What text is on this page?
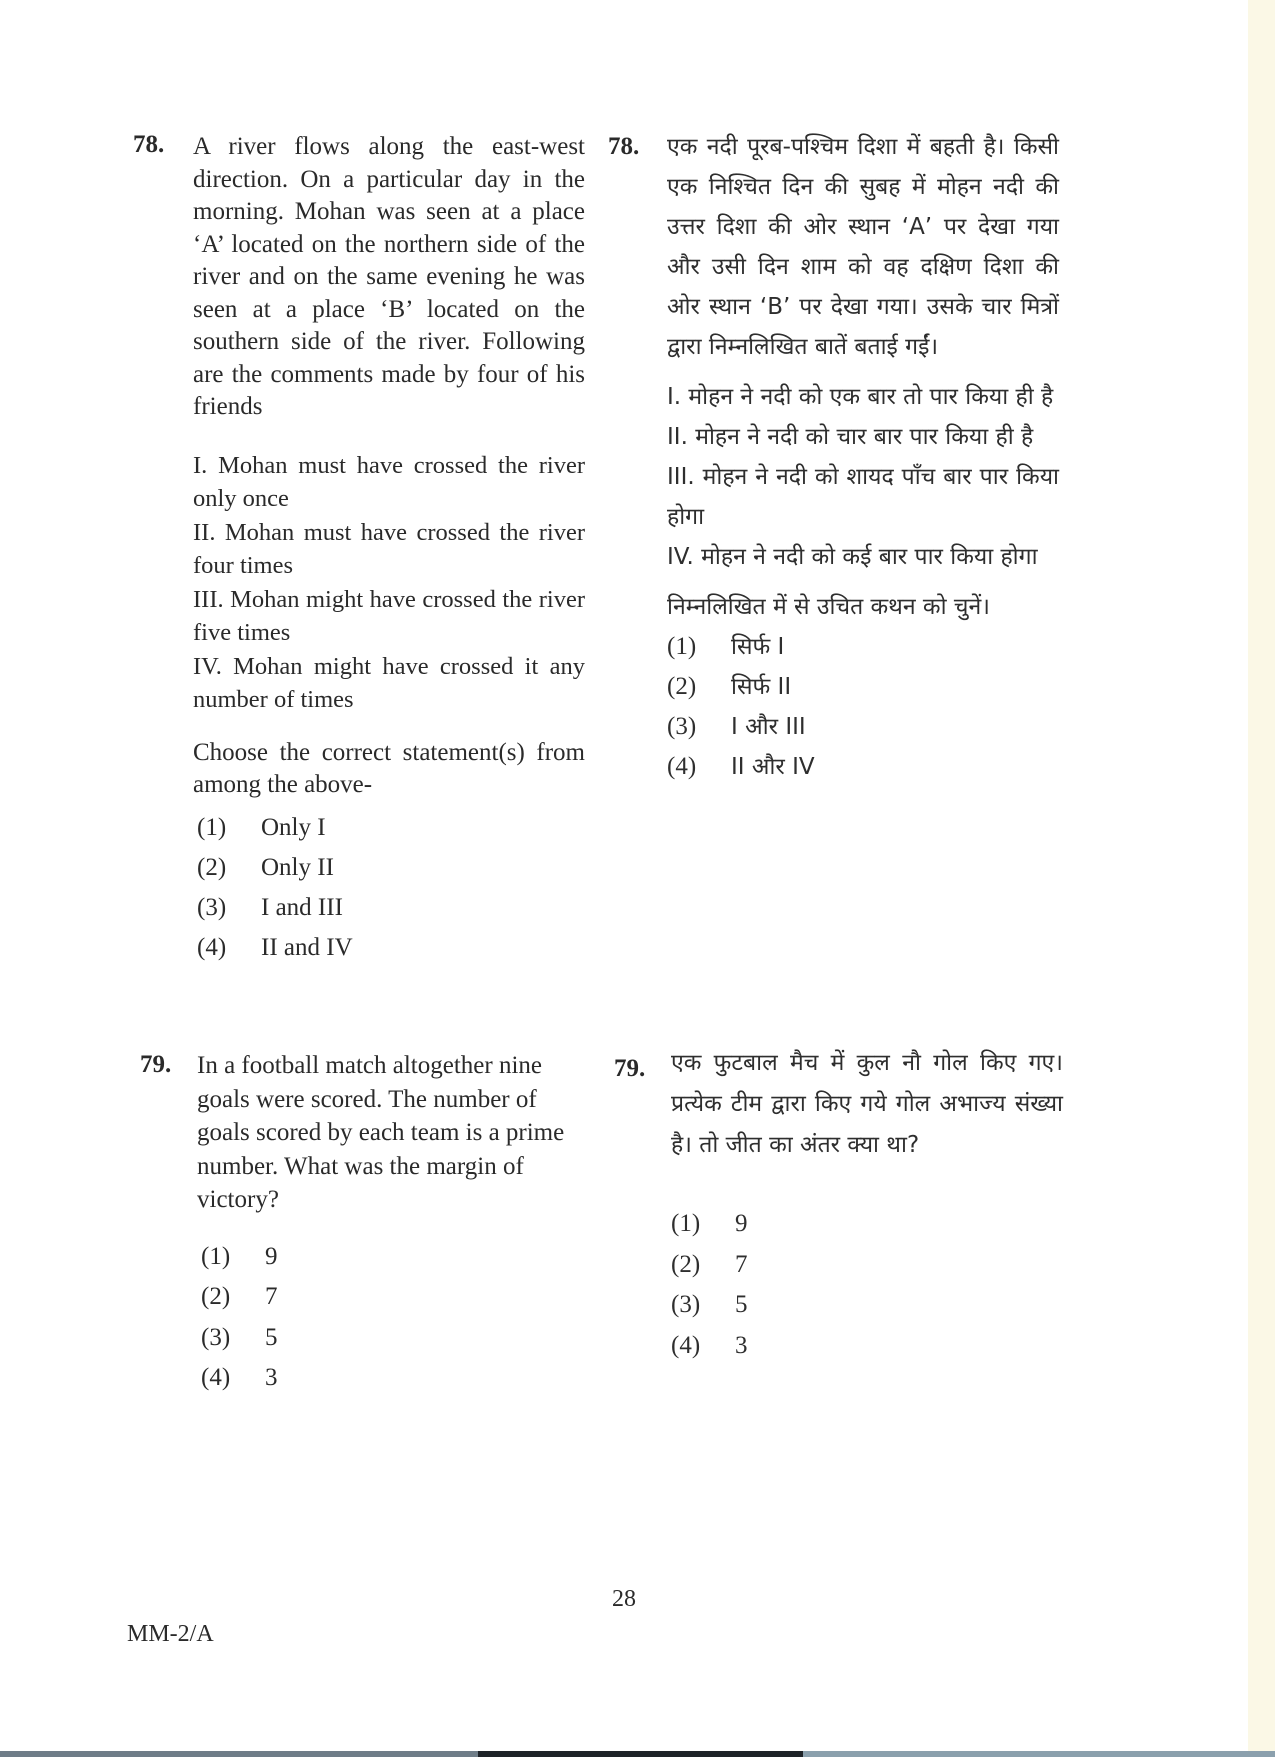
78. A river flows along the east-west direction. On a particular day in the morning. Mohan was seen at a place ‘A’ located on the northern side of the river and on the same evening he was seen at a place ‘B’ located on the southern side of the river. Following are the comments made by four of his friends

I. Mohan must have crossed the river only once

II. Mohan must have crossed the river four times

III. Mohan might have crossed the river five times

IV. Mohan might have crossed it any number of times

Choose the correct statement(s) from among the above-

(1)	Only I
(2)	Only II
(3)	I and III
(4)	II and IV
78. एक नदी पूरब-पश्चिम दिशा में बहती है। किसी एक निश्चित दिन की सुबह में मोहन नदी की उत्तर दिशा की ओर स्थान ‘A’ पर देखा गया और उसी दिन शाम को वह दक्षिण दिशा की ओर स्थान ‘B’ पर देखा गया। उसके चार मित्रों द्वारा निम्नलिखित बातें बताई गईं।

I. मोहन ने नदी को एक बार तो पार किया ही है

II. मोहन ने नदी को चार बार पार किया ही है

III. मोहन ने नदी को शायद पाँच बार पार किया होगा

IV. मोहन ने नदी को कई बार पार किया होगा

निम्नलिखित में से उचित कथन को चुनें।

(1)	सिर्फ I
(2)	सिर्फ II
(3)	I और III
(4)	II और IV
79. In a football match altogether nine goals were scored. The number of goals scored by each team is a prime number. What was the margin of victory?

(1)	9
(2)	7
(3)	5
(4)	3
79. एक फुटबाल मैच में कुल नौ गोल किए गए। प्रत्येक टीम द्वारा किए गये गोल अभाज्य संख्या है। तो जीत का अंतर क्या था?

(1)	9
(2)	7
(3)	5
(4)	3
28
MM-2/A
